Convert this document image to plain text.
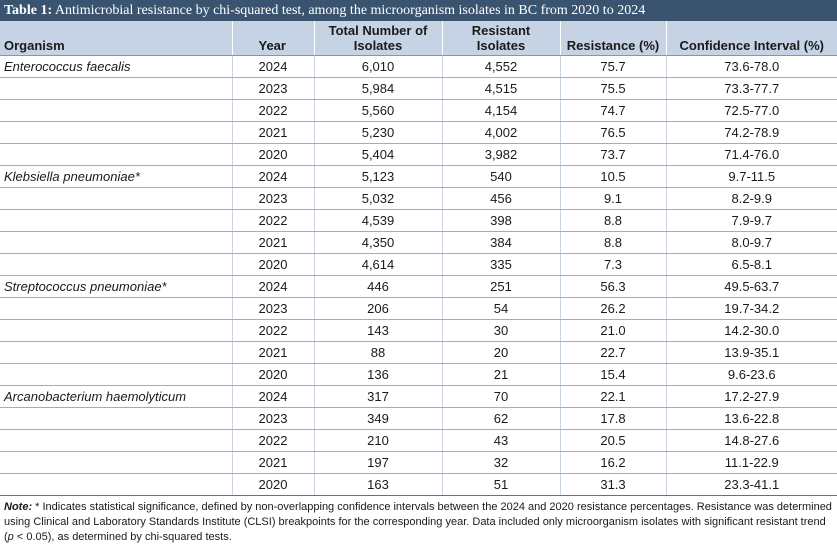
Table 1: Antimicrobial resistance by chi-squared test, among the microorganism isolates in BC from 2020 to 2024
Organism	Year	Total Number of Isolates	Resistant Isolates	Resistance (%)	Confidence Interval (%)
Enterococcus faecalis	2024	6,010	4,552	75.7	73.6-78.0
	2023	5,984	4,515	75.5	73.3-77.7
	2022	5,560	4,154	74.7	72.5-77.0
	2021	5,230	4,002	76.5	74.2-78.9
	2020	5,404	3,982	73.7	71.4-76.0
Klebsiella pneumoniae*	2024	5,123	540	10.5	9.7-11.5
	2023	5,032	456	9.1	8.2-9.9
	2022	4,539	398	8.8	7.9-9.7
	2021	4,350	384	8.8	8.0-9.7
	2020	4,614	335	7.3	6.5-8.1
Streptococcus pneumoniae*	2024	446	251	56.3	49.5-63.7
	2023	206	54	26.2	19.7-34.2
	2022	143	30	21.0	14.2-30.0
	2021	88	20	22.7	13.9-35.1
	2020	136	21	15.4	9.6-23.6
Arcanobacterium haemolyticum	2024	317	70	22.1	17.2-27.9
	2023	349	62	17.8	13.6-22.8
	2022	210	43	20.5	14.8-27.6
	2021	197	32	16.2	11.1-22.9
	2020	163	51	31.3	23.3-41.1
Note: * Indicates statistical significance, defined by non-overlapping confidence intervals between the 2024 and 2020 resistance percentages. Resistance was determined using Clinical and Laboratory Standards Institute (CLSI) breakpoints for the corresponding year. Data included only microorganism isolates with significant resistant trend (p < 0.05), as determined by chi-squared tests.
